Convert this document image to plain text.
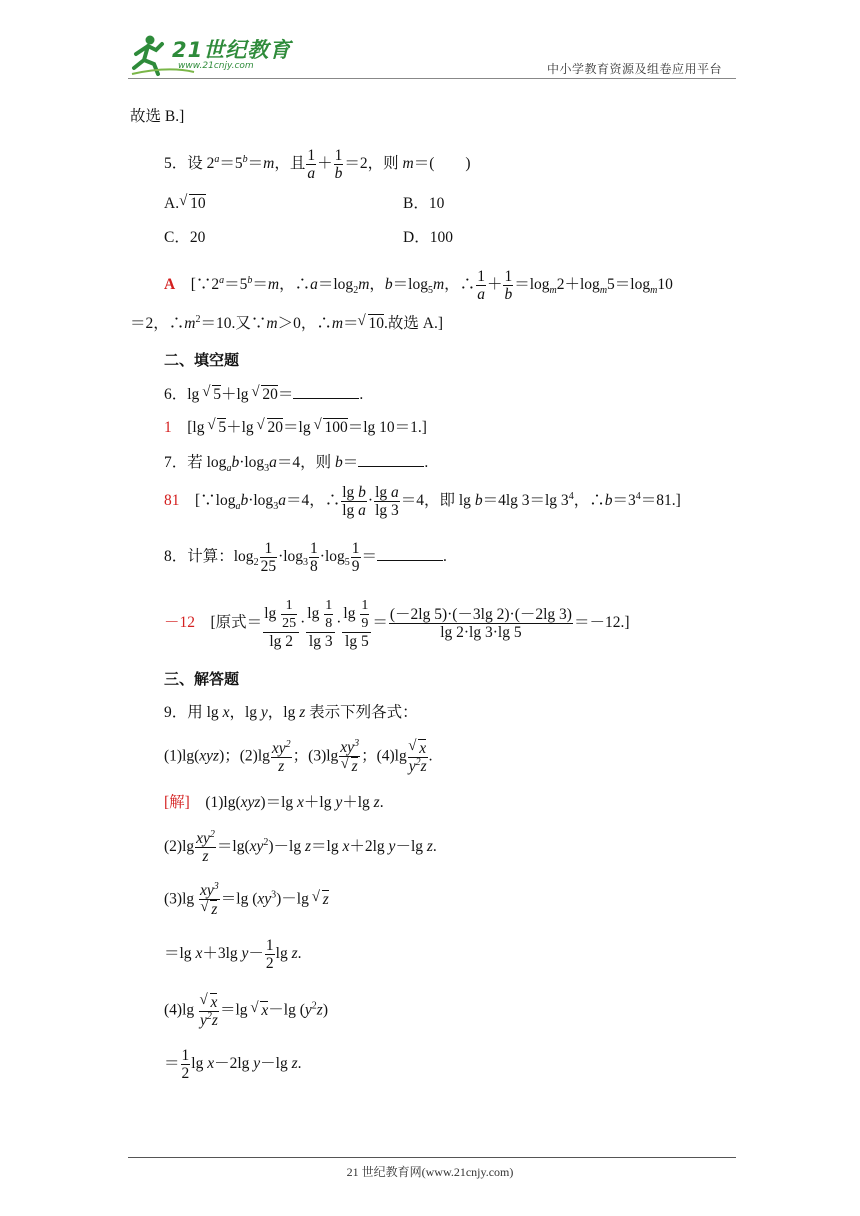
21世纪教育
www.21cnjy.com	中小学教育资源及组卷应用平台
故选 B.]
5．设 $2^a=5^b=m$，且 $\frac{1}{a} + \frac{1}{b} =2$，则 m＝(　　)
A. √ 10	B．10
C．20	D．100
A　[$\because 2^a=5^b=m$，$\therefore a=\log_2m$，$b=\log_5m$，∴ $\frac{1}{a} + \frac{1}{b} =\log_m2+\log_m5=\log_m10$
＝2，$\therefore m^2=10$.又∵m＞0，∴m＝ √ 10.故选 A.]
二、填空题
6．lg √ 5＋lg √ 20＝	.
1　[lg √ 5＋lg √ 20＝lg √ 100＝lg 10＝1.]
7．若 $\log_ab\cdot\log_3a=4$，则 b＝	.
81　[$\because\log_ab\cdot\log_3a=4$，∴ $\frac{\text{lg b}}{\text{lg a}} \cdot \frac{\text{lg a}}{\lg 3} =4$，即 lg b＝4lg 3＝lg $3^4$，$\therefore b=3^4=81$.]
8．计算：$\log_2 \frac{1}{25} \cdot\log_3 \frac{1}{8} \cdot\log_5 \frac{1}{9}$ ＝	.
－12　[原式＝ $\frac{\lg \frac{1}{25}}{\lg 2} \cdot \frac{\lg \frac{1}{8}}{\lg 3} \cdot \frac{\lg \frac{1}{9}}{\lg 5} = \frac{(-2\lg 5)\cdot(-3\lg 2)\cdot(-2\lg 3)}{\lg 2\cdot\lg 3\cdot\lg 5} =-12$.]
三、解答题
9．用 lg x，lg y，lg z 表示下列各式：
(1)lg(xyz)；$(2)\lg \frac{xy^2}{z}$ ；(3)lg $xy^3$
√ z ；(4)lg √ $\frac{x}{y^2z}$ .
[解]　(1)lg(xyz)＝lg x＋lg y＋lg z.
$(2)\lg \frac{xy^2}{z} =\lg(xy^2)-\lg$ z＝lg x＋2lg y－lg z.
(3)lg $xy^3$
√ z ＝lg $(xy^3)-\lg$ √ z
＝lg x＋3lg $y- \frac{1}{2}$ lg z.
(4)lg √ $\frac{x}{y^2z} =\lg$ √ x－lg $(y^2z)$
＝ $\frac{1}{2}$ lg x－2lg y－lg z.
21 世纪教育网(www.21cnjy.com)
